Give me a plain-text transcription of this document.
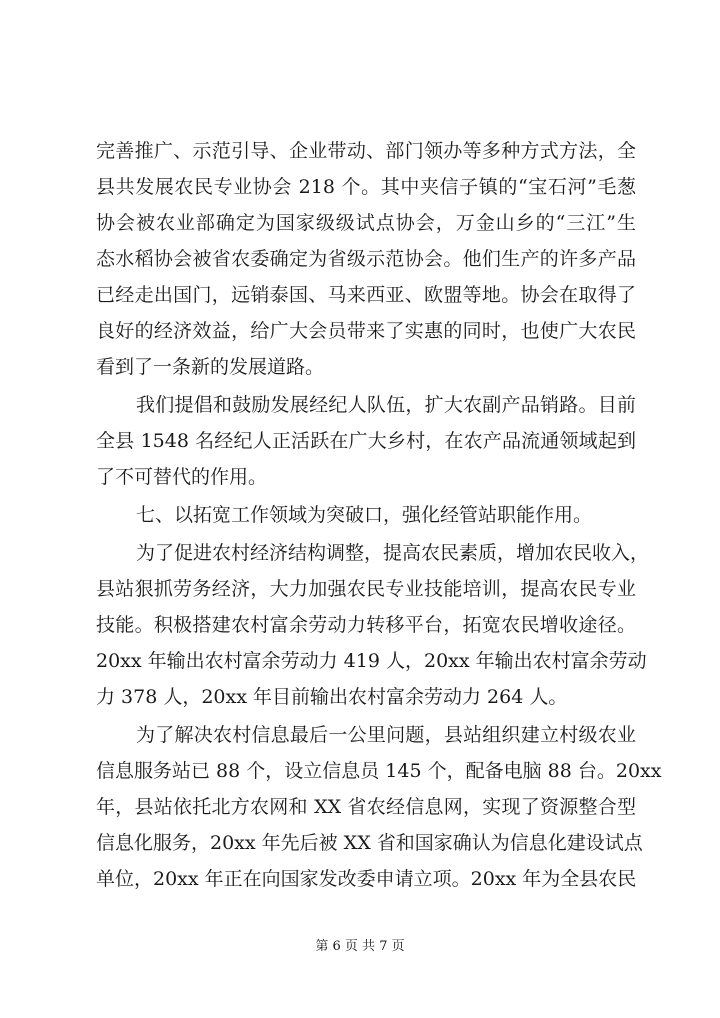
完善推广、示范引导、企业带动、部门领办等多种方式方法，全
县共发展农民专业协会 218 个。其中夹信子镇的“宝石河”毛葱
协会被农业部确定为国家级级试点协会，万金山乡的“三江”生
态水稻协会被省农委确定为省级示范协会。他们生产的许多产品
已经走出国门，远销泰国、马来西亚、欧盟等地。协会在取得了
良好的经济效益，给广大会员带来了实惠的同时，也使广大农民
看到了一条新的发展道路。
我们提倡和鼓励发展经纪人队伍，扩大农副产品销路。目前
全县 1548 名经纪人正活跃在广大乡村，在农产品流通领域起到
了不可替代的作用。
七、以拓宽工作领域为突破口，强化经管站职能作用。
为了促进农村经济结构调整，提高农民素质，增加农民收入，
县站狠抓劳务经济，大力加强农民专业技能培训，提高农民专业
技能。积极搭建农村富余劳动力转移平台，拓宽农民增收途径。
20xx 年输出农村富余劳动力 419 人，20xx 年输出农村富余劳动
力 378 人，20xx 年目前输出农村富余劳动力 264 人。
为了解决农村信息最后一公里问题，县站组织建立村级农业
信息服务站已 88 个，设立信息员 145 个，配备电脑 88 台。20xx
年，县站依托北方农网和 XX 省农经信息网，实现了资源整合型
信息化服务，20xx 年先后被 XX 省和国家确认为信息化建设试点
单位，20xx 年正在向国家发改委申请立项。20xx 年为全县农民
第 6 页 共 7 页
